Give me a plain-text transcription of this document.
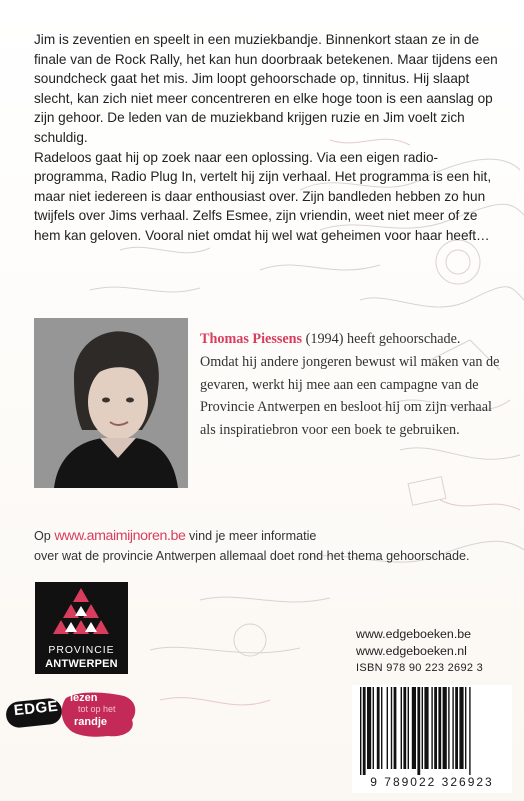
Jim is zeventien en speelt in een muziekbandje. Binnenkort staan ze in de finale van de Rock Rally, het kan hun doorbraak betekenen. Maar tijdens een soundcheck gaat het mis. Jim loopt gehoorschade op, tinnitus. Hij slaapt slecht, kan zich niet meer concentreren en elke hoge toon is een aanslag op zijn gehoor. De leden van de muziekband krijgen ruzie en Jim voelt zich schuldig.

Radeloos gaat hij op zoek naar een oplossing. Via een eigen radio-programma, Radio Plug In, vertelt hij zijn verhaal. Het programma is een hit, maar niet iedereen is daar enthousiast over. Zijn bandleden hebben zo hun twijfels over Jims verhaal. Zelfs Esmee, zijn vriendin, weet niet meer of ze hem kan geloven. Vooral niet omdat hij wel wat geheimen voor haar heeft…

Thomas Piessens (1994) heeft gehoorschade. Omdat hij andere jongeren bewust wil maken van de gevaren, werkt hij mee aan een campagne van de Provincie Antwerpen en besloot hij om zijn verhaal als inspiratiebron voor een boek te gebruiken.
Op www.amaimijnoren.be vind je meer informatie
over wat de provincie Antwerpen allemaal doet rond het thema gehoorschade.
PROVINCIE
ANTWERPEN
www.edgeboeken.be
www.edgeboeken.nl
ISBN 978 90 223 2692 3
9 789022 326923
EDGE lezen
tot op het
randje
